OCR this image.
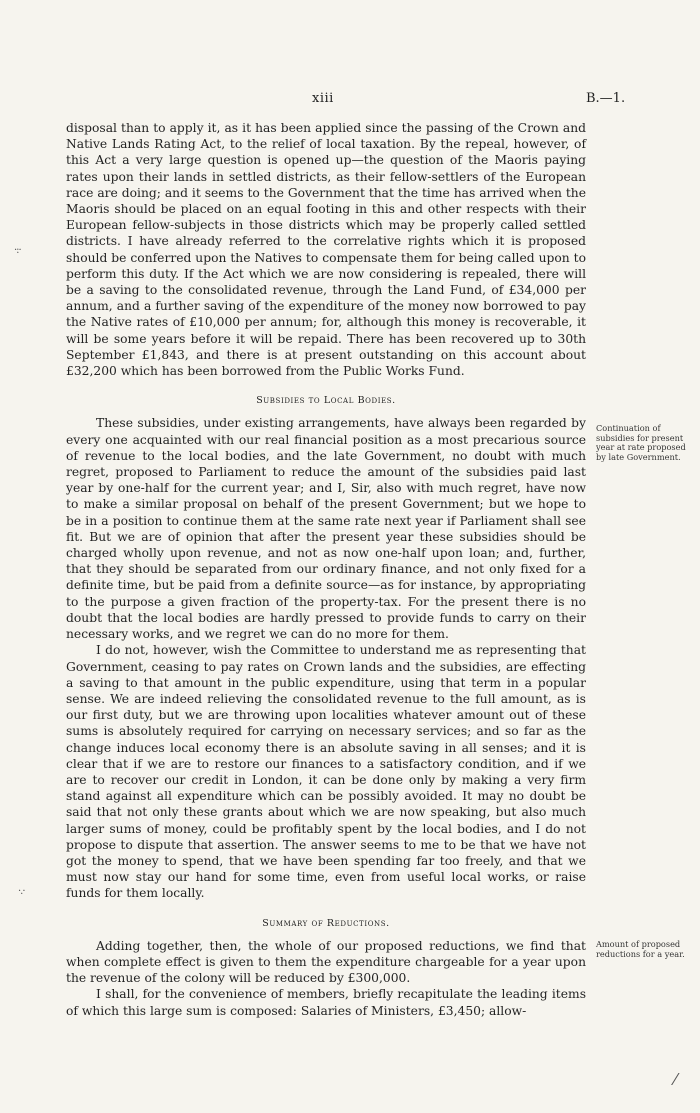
xiii	B.—1.
·:·
·.·
⁄

disposal than to apply it, as it has been applied since the passing of the Crown and Native Lands Rating Act, to the relief of local taxation. By the repeal, however, of this Act a very large question is opened up—the question of the Maoris paying rates upon their lands in settled districts, as their fellow-settlers of the European race are doing; and it seems to the Government that the time has arrived when the Maoris should be placed on an equal footing in this and other respects with their European fellow-subjects in those districts which may be properly called settled districts. I have already referred to the correlative rights which it is proposed should be conferred upon the Natives to compensate them for being called upon to perform this duty. If the Act which we are now considering is repealed, there will be a saving to the consolidated revenue, through the Land Fund, of £34,000 per annum, and a further saving of the expenditure of the money now borrowed to pay the Native rates of £10,000 per annum; for, although this money is recoverable, it will be some years before it will be repaid. There has been recovered up to 30th September £1,843, and there is at present outstanding on this account about £32,200 which has been borrowed from the Public Works Fund.

Subsidies to Local Bodies.

These subsidies, under existing arrangements, have always been regarded by every one acquainted with our real financial position as a most precarious source of revenue to the local bodies, and the late Government, no doubt with much regret, proposed to Parliament to reduce the amount of the subsidies paid last year by one-half for the current year; and I, Sir, also with much regret, have now to make a similar proposal on behalf of the present Government; but we hope to be in a position to continue them at the same rate next year if Parliament shall see fit. But we are of opinion that after the present year these subsidies should be charged wholly upon revenue, and not as now one-half upon loan; and, further, that they should be separated from our ordinary finance, and not only fixed for a definite time, but be paid from a definite source—as for instance, by appropriating to the purpose a given fraction of the property-tax. For the present there is no doubt that the local bodies are hardly pressed to provide funds to carry on their necessary works, and we regret we can do no more for them.

I do not, however, wish the Committee to understand me as representing that Government, ceasing to pay rates on Crown lands and the subsidies, are effecting a saving to that amount in the public expenditure, using that term in a popular sense. We are indeed relieving the consolidated revenue to the full amount, as is our first duty, but we are throwing upon localities whatever amount out of these sums is absolutely required for carrying on necessary services; and so far as the change induces local economy there is an absolute saving in all senses; and it is clear that if we are to restore our finances to a satisfactory condition, and if we are to recover our credit in London, it can be done only by making a very firm stand against all expenditure which can be possibly avoided. It may no doubt be said that not only these grants about which we are now speaking, but also much larger sums of money, could be profitably spent by the local bodies, and I do not propose to dispute that assertion. The answer seems to me to be that we have not got the money to spend, that we have been spending far too freely, and that we must now stay our hand for some time, even from useful local works, or raise funds for them locally.

Summary of Reductions.

Adding together, then, the whole of our proposed reductions, we find that when complete effect is given to them the expenditure chargeable for a year upon the revenue of the colony will be reduced by £300,000.

I shall, for the convenience of members, briefly recapitulate the leading items of which this large sum is composed: Salaries of Ministers, £3,450; allow-

Continuation of subsidies for present year at rate proposed by late Government.
Amount of proposed reductions for a year.
